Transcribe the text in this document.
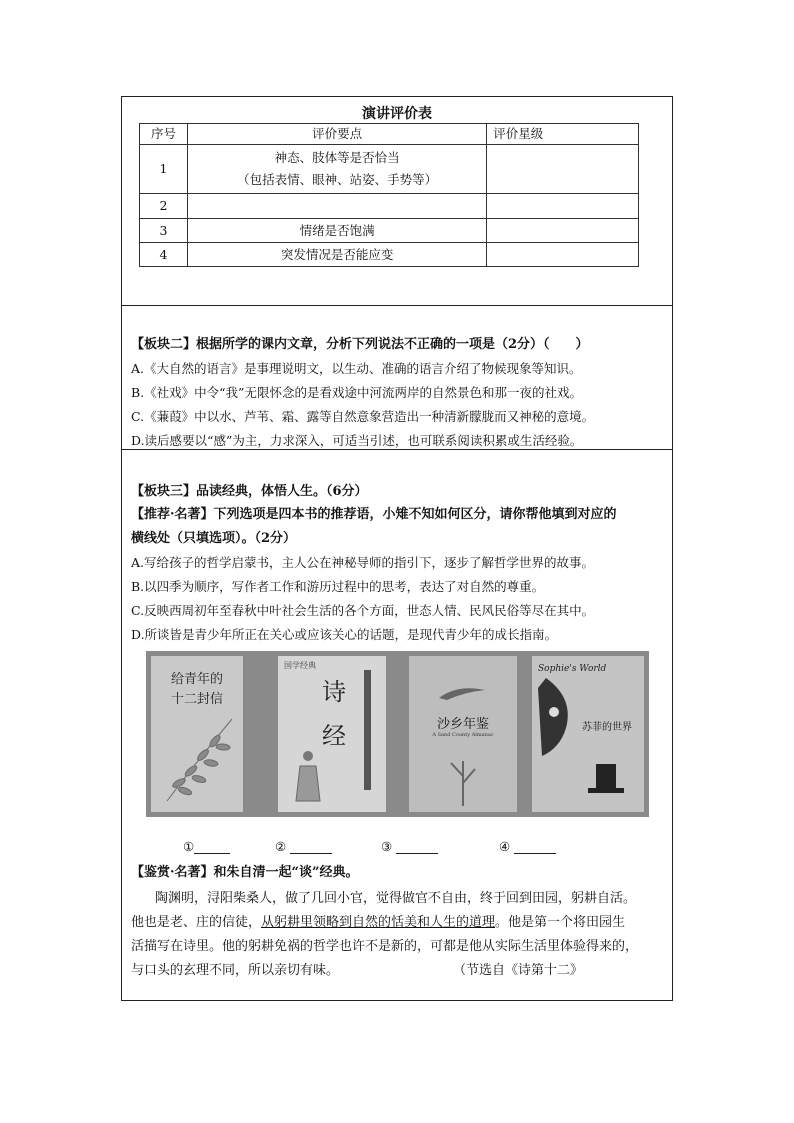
演讲评价表
序号	评价要点	评价星级
1	神态、肢体等是否恰当
（包括表情、眼神、站姿、手势等）	

2		
3	情绪是否饱满	
4	突发情况是否能应变	
【板块二】根据所学的课内文章，分析下列说法不正确的一项是（2分）（　　）
A.《大自然的语言》是事理说明文，以生动、准确的语言介绍了物候现象等知识。
B.《社戏》中令“我”无限怀念的是看戏途中河流两岸的自然景色和那一夜的社戏。
C.《蒹葭》中以水、芦苇、霜、露等自然意象营造出一种清新朦胧而又神秘的意境。
D.读后感要以“感”为主，力求深入，可适当引述，也可联系阅读积累或生活经验。
【板块三】品读经典，体悟人生。（6分）
【推荐·名著】下列选项是四本书的推荐语，小雉不知如何区分，请你帮他填到对应的
横线处（只填选项）。（2分）
A.写给孩子的哲学启蒙书，主人公在神秘导师的指引下，逐步了解哲学世界的故事。
B.以四季为顺序，写作者工作和游历过程中的思考，表达了对自然的尊重。
C.反映西周初年至春秋中叶社会生活的各个方面，世态人情、民风民俗等尽在其中。
D.所谈皆是青少年所正在关心或应该关心的话题，是现代青少年的成长指南。
给青年的
十二封信
国学经典
诗
经	沙乡年鉴
A Sand County Almanac
Sophie's World
苏菲的世界
①	②	③	④
【鉴赏·名著】和朱自清一起“谈”经典。
陶渊明，浔阳柴桑人，做了几回小官，觉得做官不自由，终于回到田园，躬耕自活。
他也是老、庄的信徒，从躬耕里领略到自然的恬美和人生的道理。他是第一个将田园生
活描写在诗里。他的躬耕免祸的哲学也许不是新的，可都是他从实际生活里体验得来的，
与口头的玄理不同，所以亲切有味。	（节选自《诗第十二》
